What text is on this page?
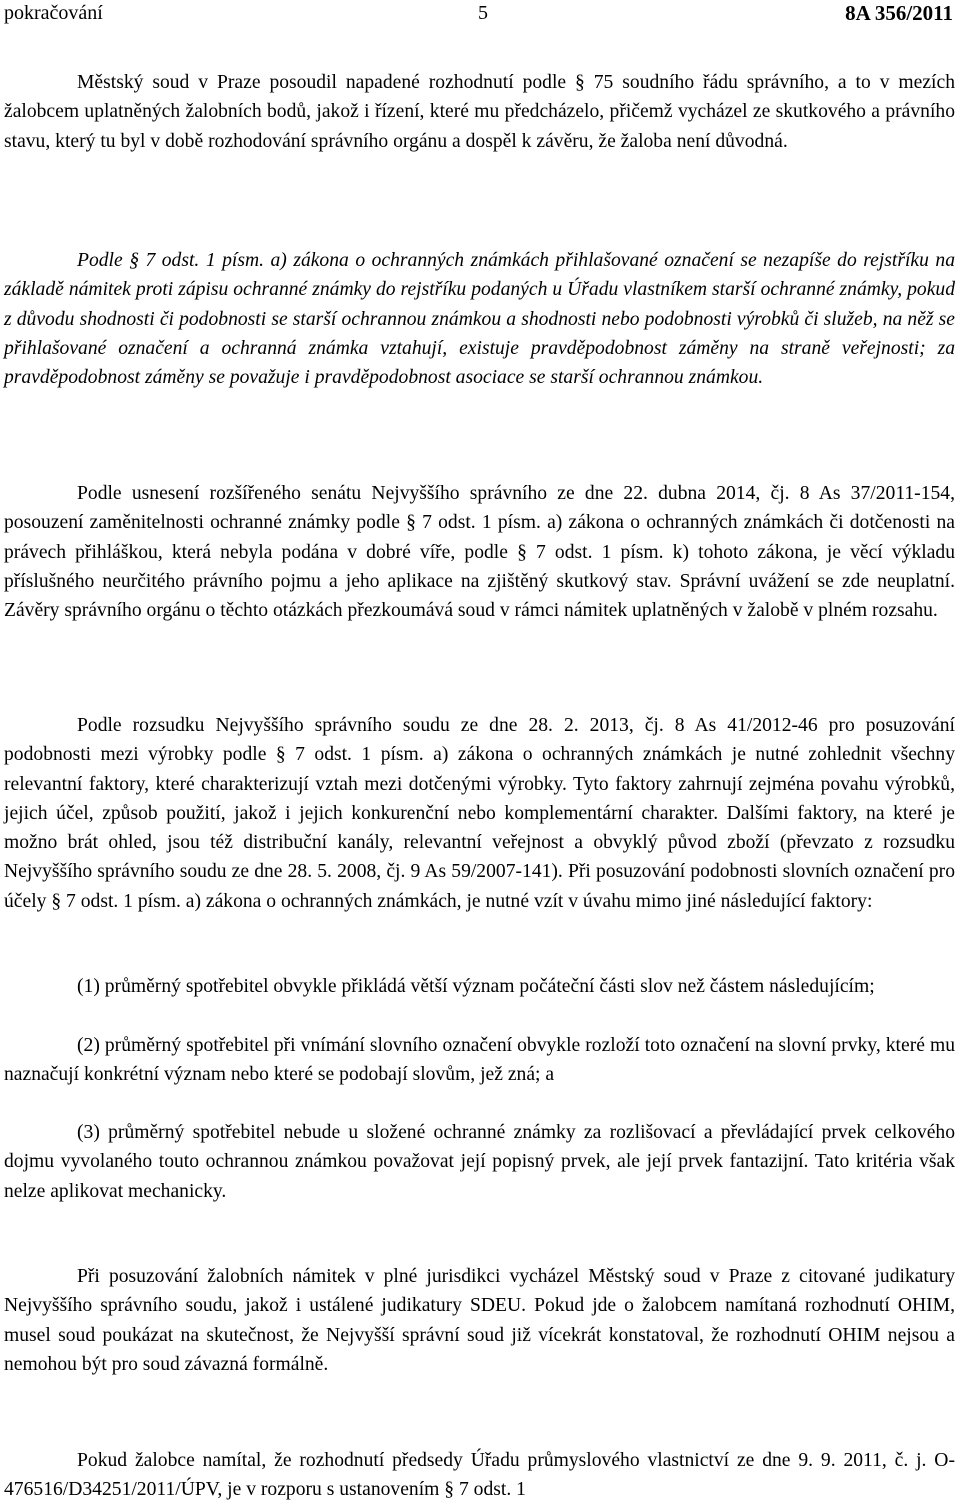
pokračování	5	8A 356/2011

Městský soud v Praze posoudil napadené rozhodnutí podle § 75 soudního řádu správního, a to v mezích žalobcem uplatněných žalobních bodů, jakož i řízení, které mu předcházelo, přičemž vycházel ze skutkového a právního stavu, který tu byl v době rozhodování správního orgánu a dospěl k závěru, že žaloba není důvodná.

Podle § 7 odst. 1 písm. a) zákona o ochranných známkách přihlašované označení se nezapíše do rejstříku na základě námitek proti zápisu ochranné známky do rejstříku podaných u Úřadu vlastníkem starší ochranné známky, pokud z důvodu shodnosti či podobnosti se starší ochrannou známkou a shodnosti nebo podobnosti výrobků či služeb, na něž se přihlašované označení a ochranná známka vztahují, existuje pravděpodobnost záměny na straně veřejnosti; za pravděpodobnost záměny se považuje i pravděpodobnost asociace se starší ochrannou známkou.

Podle usnesení rozšířeného senátu Nejvyššího správního ze dne 22. dubna 2014, čj. 8 As 37/2011-154, posouzení zaměnitelnosti ochranné známky podle § 7 odst. 1 písm. a) zákona o ochranných známkách či dotčenosti na právech přihláškou, která nebyla podána v dobré víře, podle § 7 odst. 1 písm. k) tohoto zákona, je věcí výkladu příslušného neurčitého právního pojmu a jeho aplikace na zjištěný skutkový stav. Správní uvážení se zde neuplatní. Závěry správního orgánu o těchto otázkách přezkoumává soud v rámci námitek uplatněných v žalobě v plném rozsahu.

Podle rozsudku Nejvyššího správního soudu ze dne 28. 2. 2013, čj. 8 As 41/2012-46 pro posuzování podobnosti mezi výrobky podle § 7 odst. 1 písm. a) zákona o ochranných známkách je nutné zohlednit všechny relevantní faktory, které charakterizují vztah mezi dotčenými výrobky. Tyto faktory zahrnují zejména povahu výrobků, jejich účel, způsob použití, jakož i jejich konkurenční nebo komplementární charakter. Dalšími faktory, na které je možno brát ohled, jsou též distribuční kanály, relevantní veřejnost a obvyklý původ zboží (převzato z rozsudku Nejvyššího správního soudu ze dne 28. 5. 2008, čj. 9 As 59/2007-141). Při posuzování podobnosti slovních označení pro účely § 7 odst. 1 písm. a) zákona o ochranných známkách, je nutné vzít v úvahu mimo jiné následující faktory:

(1) průměrný spotřebitel obvykle přikládá větší význam počáteční části slov než částem následujícím;

(2) průměrný spotřebitel při vnímání slovního označení obvykle rozloží toto označení na slovní prvky, které mu naznačují konkrétní význam nebo které se podobají slovům, jež zná; a

(3) průměrný spotřebitel nebude u složené ochranné známky za rozlišovací a převládající prvek celkového dojmu vyvolaného touto ochrannou známkou považovat její popisný prvek, ale její prvek fantazijní. Tato kritéria však nelze aplikovat mechanicky.

Při posuzování žalobních námitek v plné jurisdikci vycházel Městský soud v Praze z citované judikatury Nejvyššího správního soudu, jakož i ustálené judikatury SDEU. Pokud jde o žalobcem namítaná rozhodnutí OHIM, musel soud poukázat na skutečnost, že Nejvyšší správní soud již vícekrát konstatoval, že rozhodnutí OHIM nejsou a nemohou být pro soud závazná formálně.

Pokud žalobce namítal, že rozhodnutí předsedy Úřadu průmyslového vlastnictví ze dne 9. 9. 2011, č. j. O-476516/D34251/2011/ÚPV, je v rozporu s ustanovením § 7 odst. 1
